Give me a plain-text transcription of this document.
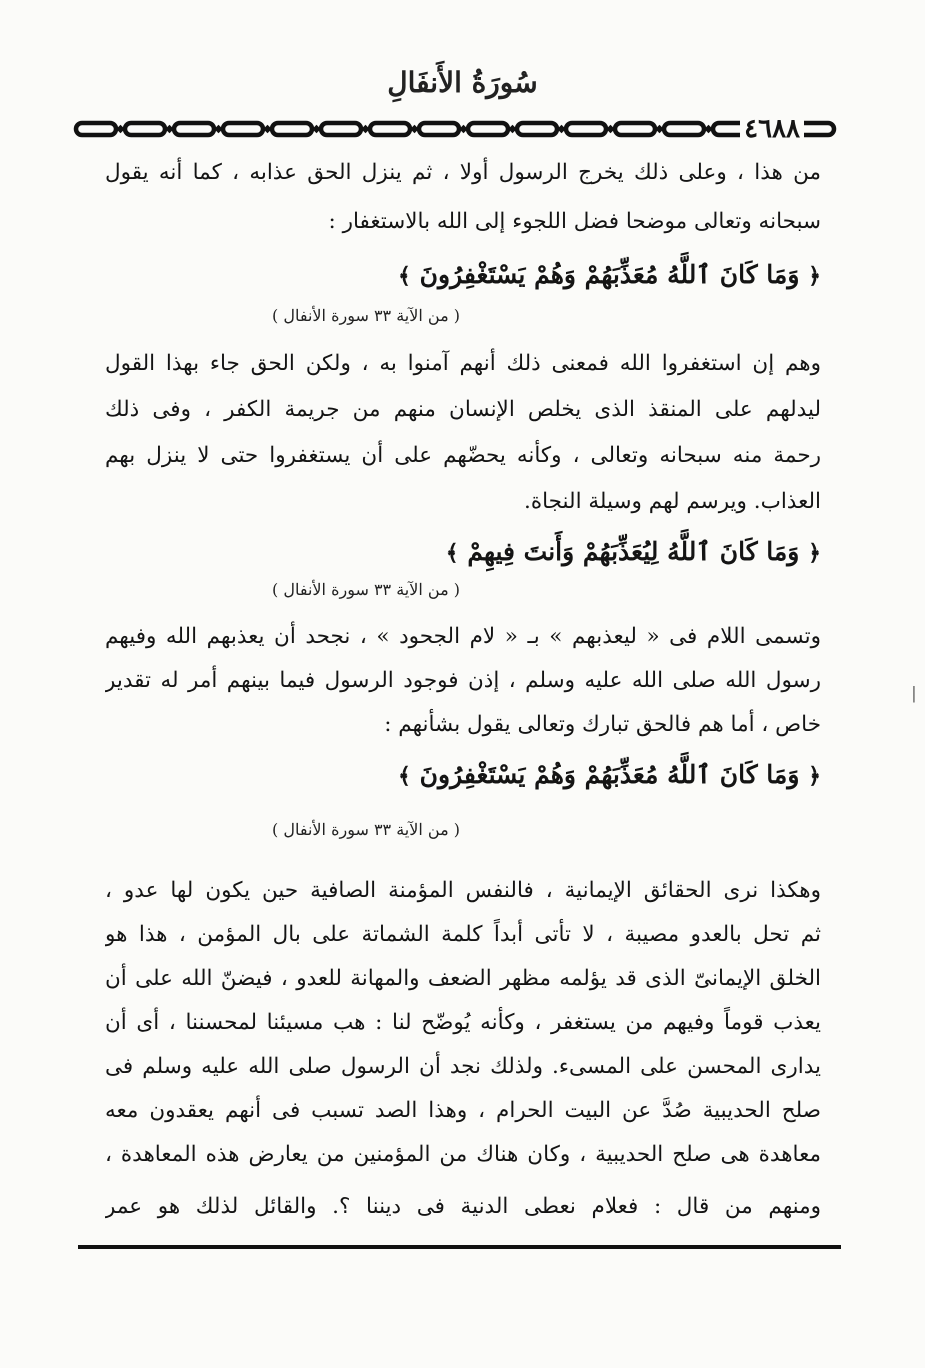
سُورَةُ الأَنفَالِ
٤٦٨٨
من هذا ، وعلى ذلك يخرج الرسول أولا ، ثم ينزل الحق عذابه ، كما أنه يقول
سبحانه وتعالى موضحا فضل اللجوء إلى الله بالاستغفار :
﴿ وَمَا كَانَ ٱللَّهُ مُعَذِّبَهُمْ وَهُمْ يَسْتَغْفِرُونَ ﴾
( من الآية ٣٣ سورة الأنفال )
وهم إن استغفروا الله فمعنى ذلك أنهم آمنوا به ، ولكن الحق جاء بهذا القول
ليدلهم على المنقذ الذى يخلص الإنسان منهم من جريمة الكفر ، وفى ذلك
رحمة منه سبحانه وتعالى ، وكأنه يحضّهم على أن يستغفروا حتى لا ينزل بهم
العذاب. ويرسم لهم وسيلة النجاة.
﴿ وَمَا كَانَ ٱللَّهُ لِيُعَذِّبَهُمْ وَأَنتَ فِيهِمْ ﴾
( من الآية ٣٣ سورة الأنفال )
وتسمى اللام فى « ليعذبهم » بـ « لام الجحود » ، نجحد أن يعذبهم الله وفيهم
رسول الله صلى الله عليه وسلم ، إذن فوجود الرسول فيما بينهم أمر له تقدير
خاص ، أما هم فالحق تبارك وتعالى يقول بشأنهم :
﴿ وَمَا كَانَ ٱللَّهُ مُعَذِّبَهُمْ وَهُمْ يَسْتَغْفِرُونَ ﴾
( من الآية ٣٣ سورة الأنفال )
وهكذا نرى الحقائق الإيمانية ، فالنفس المؤمنة الصافية حين يكون لها عدو ،
ثم تحل بالعدو مصيبة ، لا تأتى أبداً كلمة الشماتة على بال المؤمن ، هذا هو
الخلق الإيمانىّ الذى قد يؤلمه مظهر الضعف والمهانة للعدو ، فيضنّ الله على أن
يعذب قوماً وفيهم من يستغفر ، وكأنه يُوضّح لنا : هب مسيئنا لمحسننا ، أى أن
يدارى المحسن على المسىء. ولذلك نجد أن الرسول صلى الله عليه وسلم فى
صلح الحديبية صُدَّ عن البيت الحرام ، وهذا الصد تسبب فى أنهم يعقدون معه
معاهدة هى صلح الحديبية ، وكان هناك من المؤمنين من يعارض هذه المعاهدة ،
ومنهم من قال : فعلام نعطى الدنية فى ديننا ؟. والقائل لذلك هو عمر
׀
